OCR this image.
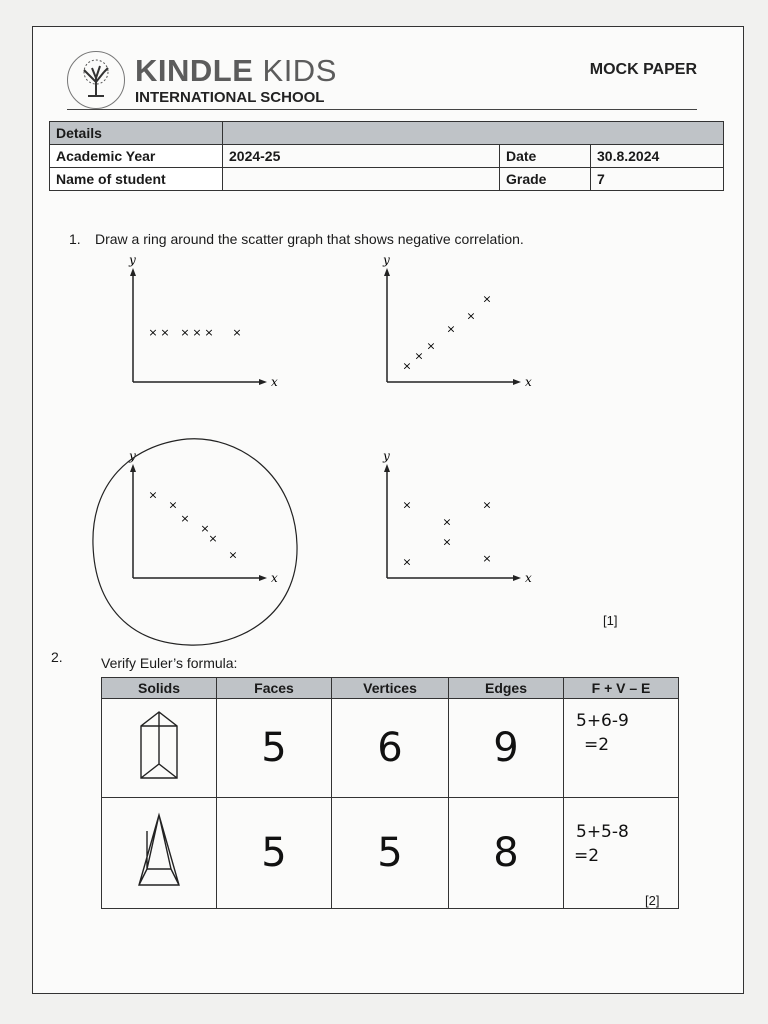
KINDLE KIDS
INTERNATIONAL SCHOOL
MOCK PAPER
Details			
Academic Year	2024-25	Date	30.8.2024
Name of student		Grade	7
1. Draw a ring around the scatter graph that shows negative correlation.
x
y
× × × × × ×
x
y
×
×
×
×
×
×
x
y
×
×
×
×
×
×
x
y
×
×
×
×
×
×
[1]
2.	Verify Euler’s formula:
Solids	Faces	Vertices	Edges	F + V – E
	5	6	9	5+6-9
=2

	5	5	8	5+5-8
=2
[2]
